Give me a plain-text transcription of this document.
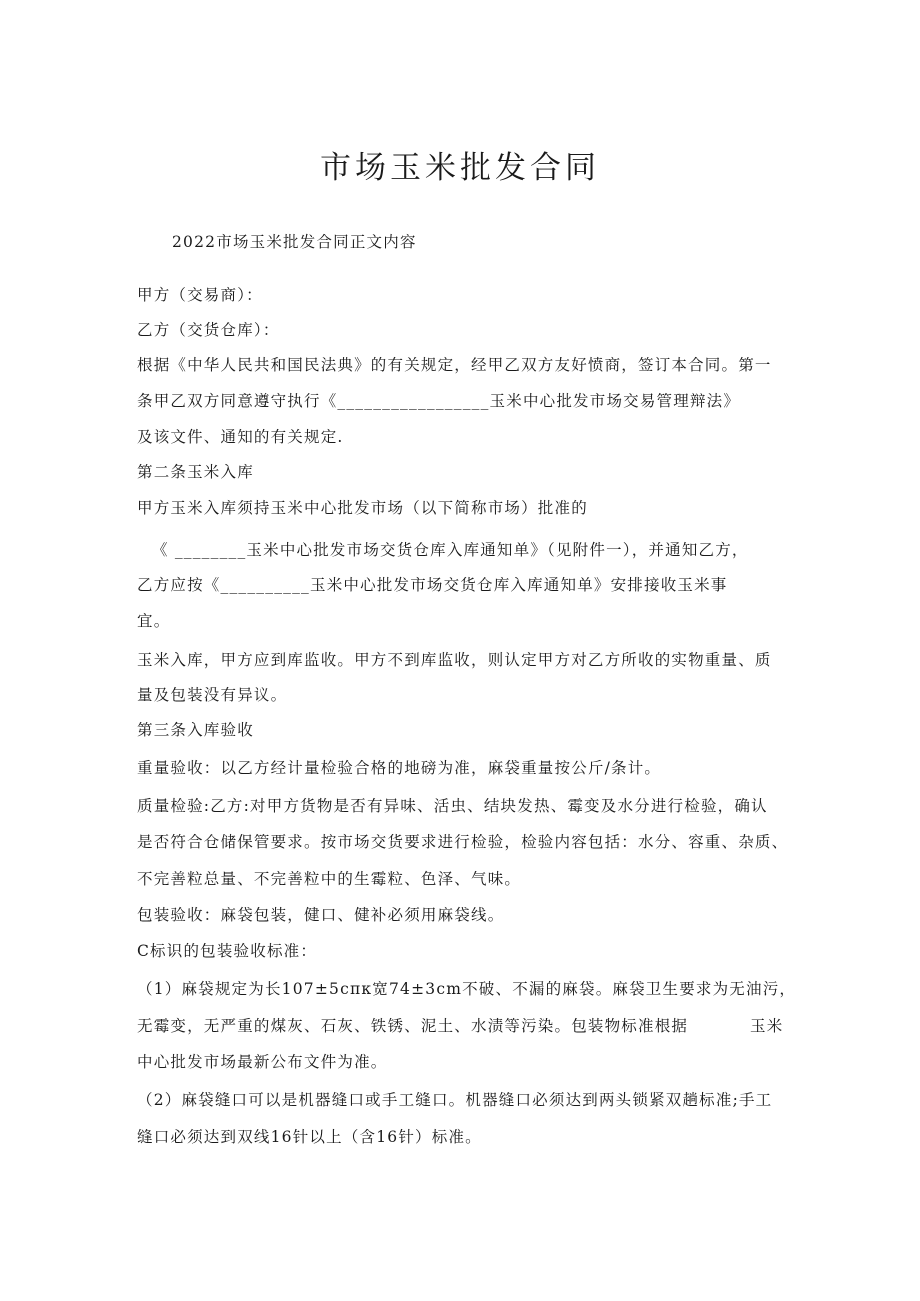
市场玉米批发合同
2022市场玉米批发合同正文内容
甲方（交易商）：
乙方（交货仓库）：
根据《中华人民共和国民法典》的有关规定，经甲乙双方友好愤商，签订本合同。第一
条甲乙双方同意遵守执行《_________________玉米中心批发市场交易管理辩法》
及该文件、通知的有关规定.
第二条玉米入库
甲方玉米入库须持玉米中心批发市场（以下简称市场）批准的
《 ________玉米中心批发市场交货仓库入库通知单》（见附件一），并通知乙方，
乙方应按《__________玉米中心批发市场交货仓库入库通知单》安排接收玉米事
宜。
玉米入库，甲方应到库监收。甲方不到库监收，则认定甲方对乙方所收的实物重量、质
量及包装没有异议。
第三条入库验收
重量验收：以乙方经计量检验合格的地磅为准，麻袋重量按公斤/条计。
质量检验:乙方:对甲方货物是否有异味、活虫、结块发热、霉变及水分进行检验，确认
是否符合仓储保管要求。按市场交货要求进行检验，检验内容包括：水分、容重、杂质、
不完善粒总量、不完善粒中的生霉粒、色泽、气味。
包装验收：麻袋包装，健口、健补必须用麻袋线。
C标识的包装验收标准：
（1）麻袋规定为长107±5cπκ宽74±3cm不破、不漏的麻袋。麻袋卫生要求为无油污，
无霉变，无严重的煤灰、石灰、铁锈、泥土、水渍等污染。包装物标准根据	玉米
中心批发市场最新公布文件为准。
（2）麻袋缝口可以是机器缝口或手工缝口。机器缝口必须达到两头锁紧双趟标准;手工
缝口必须达到双线16针以上（含16针）标准。
